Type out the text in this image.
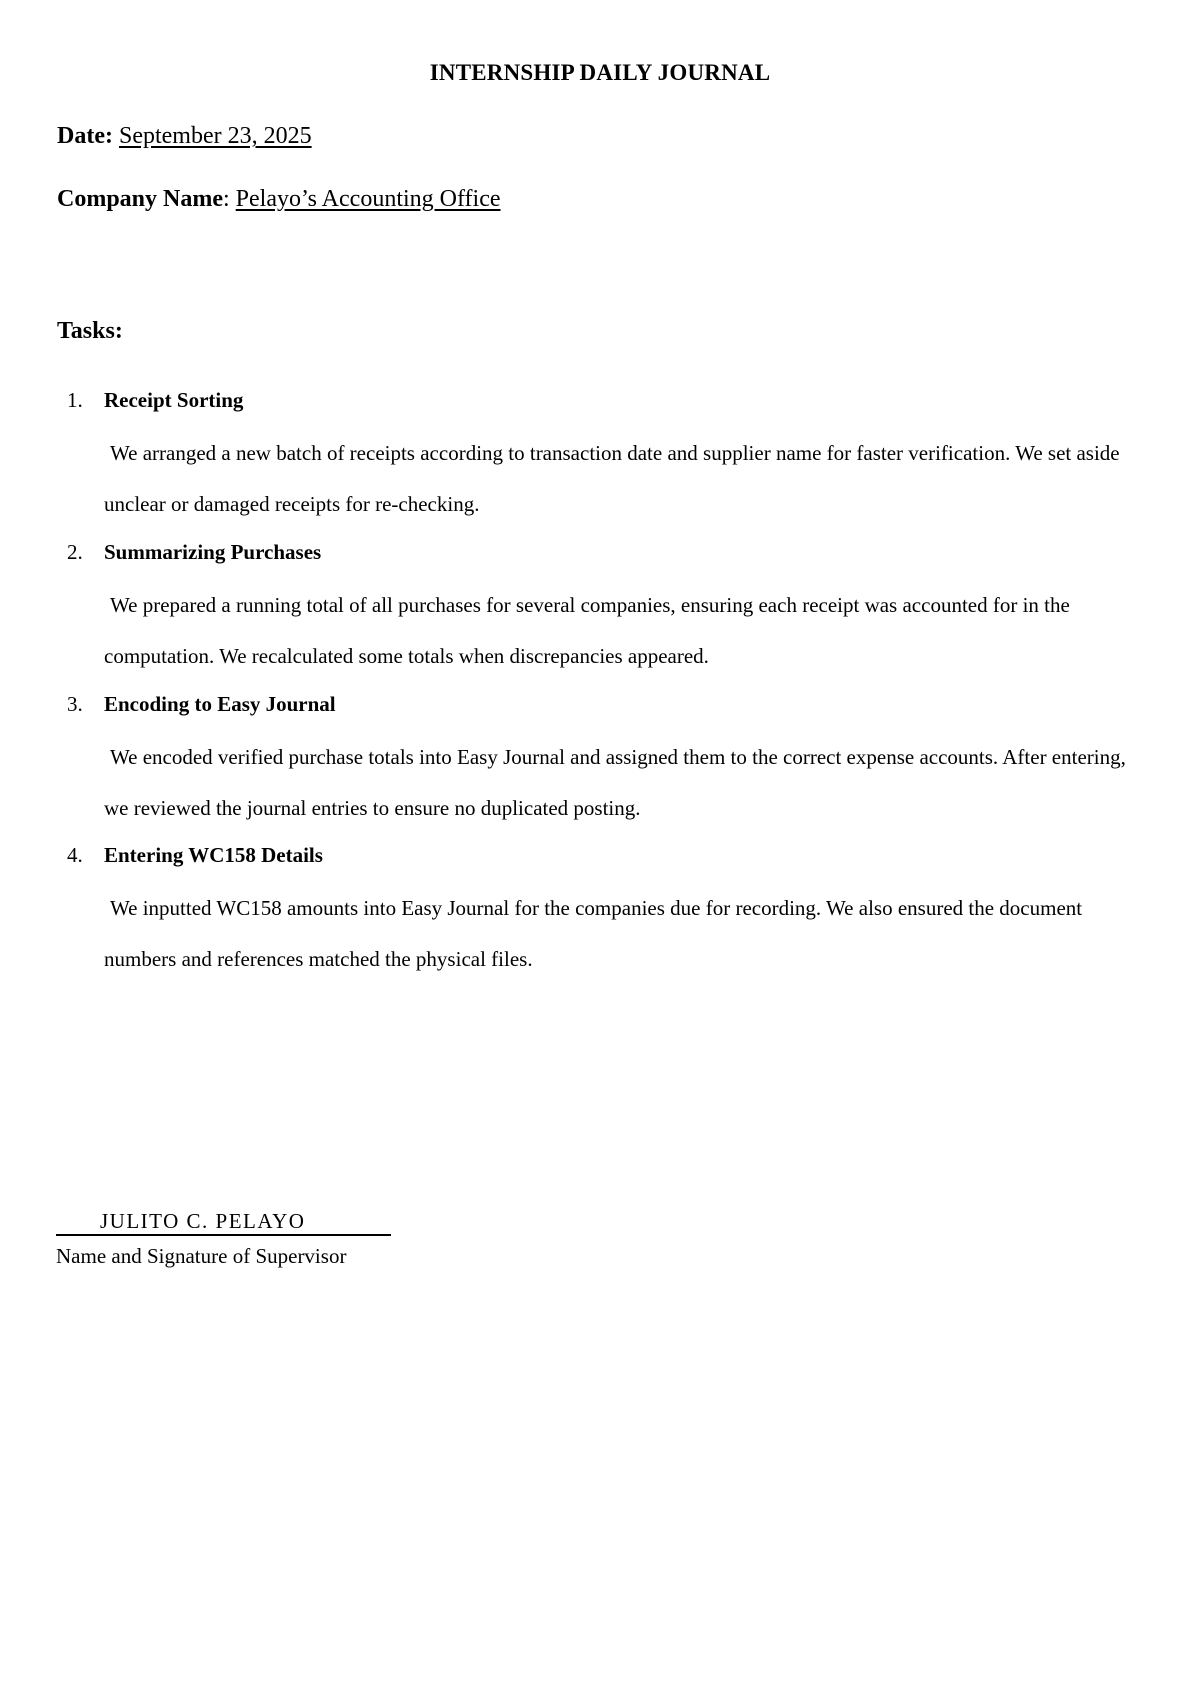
INTERNSHIP DAILY JOURNAL
Date: September 23, 2025
Company Name: Pelayo’s Accounting Office
Tasks:
1. Receipt Sorting
We arranged a new batch of receipts according to transaction date and supplier name for faster verification. We set aside unclear or damaged receipts for re-checking.
2. Summarizing Purchases
We prepared a running total of all purchases for several companies, ensuring each receipt was accounted for in the computation. We recalculated some totals when discrepancies appeared.
3. Encoding to Easy Journal
We encoded verified purchase totals into Easy Journal and assigned them to the correct expense accounts. After entering, we reviewed the journal entries to ensure no duplicated posting.
4. Entering WC158 Details
We inputted WC158 amounts into Easy Journal for the companies due for recording. We also ensured the document numbers and references matched the physical files.
JULITO C. PELAYO
Name and Signature of Supervisor
